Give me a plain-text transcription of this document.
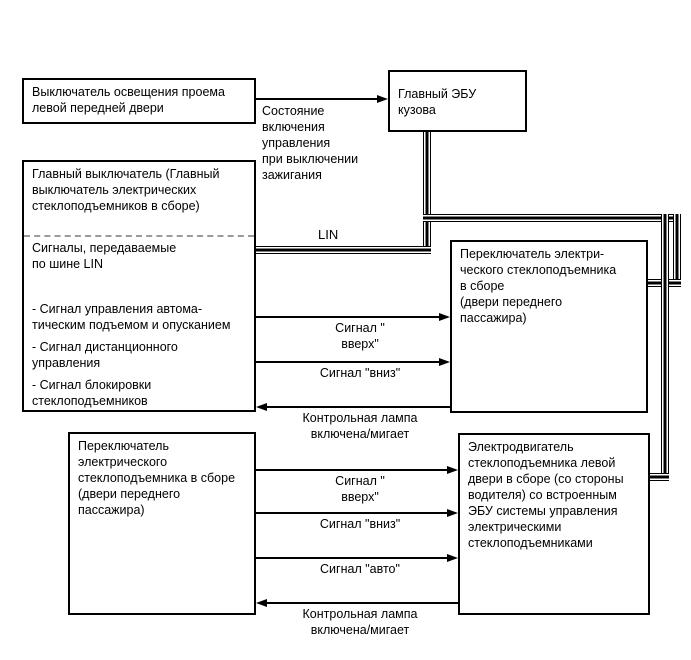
Выключатель освещения проема
левой передней двери
Главный ЭБУ
кузова
Главный выключатель (Главный
выключатель электрических
стеклоподъемников в сборе)
Сигналы, передаваемые
по шине LIN
- Сигнал управления автома-
тическим подъемом и опусканием
- Сигнал дистанционного
управления
- Сигнал блокировки
стеклоподъемников
Переключатель электри-
ческого стеклоподъемника
в сборе
(двери переднего
пассажира)
Переключатель
электрического
стеклоподъемника в сборе
(двери переднего
пассажира)
Электродвигатель
стеклоподъемника левой
двери в сборе (со стороны
водителя) со встроенным
ЭБУ системы управления
электрическими
стеклоподъемниками
Состояние
включения
управления
при выключении
зажигания
LIN
Сигнал "
вверх"
Сигнал "вниз"
Контрольная лампа
включена/мигает
Сигнал "
вверх"
Сигнал "вниз"
Сигнал "авто"
Контрольная лампа
включена/мигает
